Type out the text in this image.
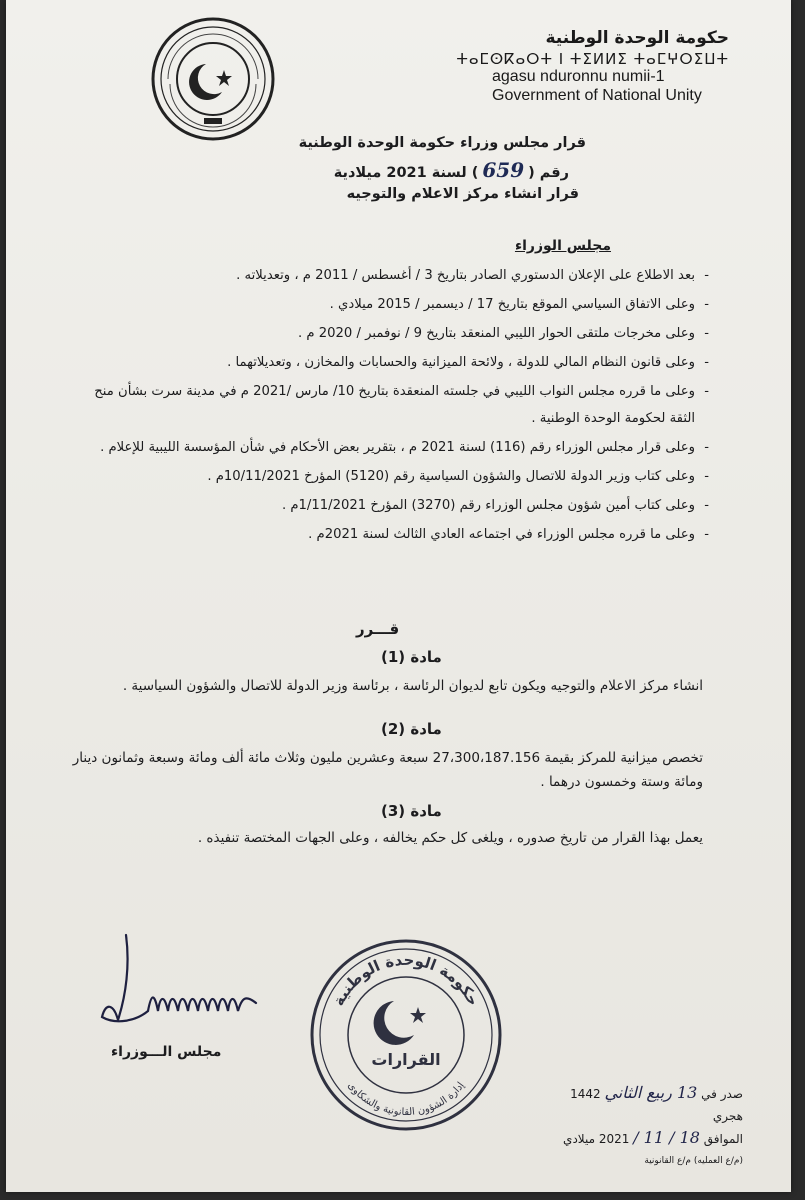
حكومة الوحدة الوطنية
ⵜⴰⵎⵙⴽⴰⵔⵜ ⵏ ⵜⵉⵍⵍⵉ ⵜⴰⵎⵖⵔⵉⵡⵜ
agasu nduronnu numii-1
Government of National Unity
قرار مجلس وزراء حكومة الوحدة الوطنية
رقم (659) لسنة 2021 ميلادية
قرار انشاء مركز الاعلام والتوجيه
مجلس الوزراء
- بعد الاطلاع على الإعلان الدستوري الصادر بتاريخ 3 / أغسطس / 2011 م ، وتعديلاته .
- وعلى الاتفاق السياسي الموقع بتاريخ 17 / ديسمبر / 2015 ميلادي .
- وعلى مخرجات ملتقى الحوار الليبي المنعقد بتاريخ 9 / نوفمبر / 2020 م .
- وعلى قانون النظام المالي للدولة ، ولائحة الميزانية والحسابات والمخازن ، وتعديلاتهما .
- وعلى ما قرره مجلس النواب الليبي في جلسته المنعقدة بتاريخ 10/ مارس /2021 م في مدينة سرت بشأن منح الثقة لحكومة الوحدة الوطنية .
- وعلى قرار مجلس الوزراء رقم (116) لسنة 2021 م ، بتقرير بعض الأحكام في شأن المؤسسة الليبية للإعلام .
- وعلى كتاب وزير الدولة للاتصال والشؤون السياسية رقم (5120) المؤرخ 10/11/2021م .
- وعلى كتاب أمين شؤون مجلس الوزراء رقم (3270) المؤرخ 1/11/2021م .
- وعلى ما قرره مجلس الوزراء في اجتماعه العادي الثالث لسنة 2021م .
قـــرر
مادة (1)
انشاء مركز الاعلام والتوجيه ويكون تابع لديوان الرئاسة ، برئاسة وزير الدولة للاتصال والشؤون السياسية .
مادة (2)
تخصص ميزانية للمركز بقيمة 27،300،187.156 سبعة وعشرين مليون وثلاث مائة ألف ومائة وسبعة وثمانون دينار ومائة وستة وخمسون درهما .
مادة (3)
يعمل بهذا القرار من تاريخ صدوره ، ويلغى كل حكم يخالفه ، وعلى الجهات المختصة تنفيذه .
مجلس الـــوزراء
حكومة الوحدة الوطنية
إدارة الشؤون القانونية والشكاوى
القرارات
صدر في 13 ربيع الثاني 1442 هجري
الموافق 18 / 11 / 2021 ميلادي
(م/ع العمليه) م/ع القانونية
